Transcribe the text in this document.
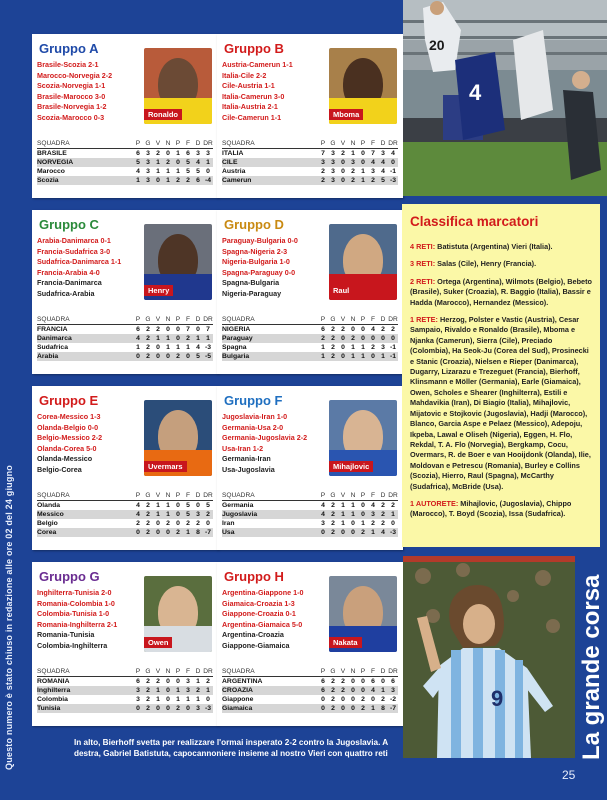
Questo numero è stato chiuso in redazione alle ore 02 del 24 giugno
Gruppo A
Brasile-Scozia 2-1
Marocco-Norvegia 2-2
Scozia-Norvegia 1-1
Brasile-Marocco 3-0
Brasile-Norvegia 1-2
Scozia-Marocco 0-3	Ronaldo
SQUADRA	P	G	V	N	P	F	D	DR
BRASILE	6	3	2	0	1	6	3	3
NORVEGIA	5	3	1	2	0	5	4	1
Marocco	4	3	1	1	1	5	5	0
Scozia	1	3	0	1	2	2	6	-4
Gruppo B
Austria-Camerun 1-1
Italia-Cile 2-2
Cile-Austria 1-1
Italia-Camerun 3-0
Italia-Austria 2-1
Cile-Camerun 1-1	Mboma
SQUADRA	P	G	V	N	P	F	D	DR
ITALIA	7	3	2	1	0	7	3	4
CILE	3	3	0	3	0	4	4	0
Austria	2	3	0	2	1	3	4	-1
Camerun	2	3	0	2	1	2	5	-3
Gruppo C
Arabia-Danimarca 0-1
Francia-Sudafrica 3-0
Sudafrica-Danimarca 1-1
Francia-Arabia 4-0
Francia-Danimarca
Sudafrica-Arabia	Henry
SQUADRA	P	G	V	N	P	F	D	DR
FRANCIA	6	2	2	0	0	7	0	7
Danimarca	4	2	1	1	0	2	1	1
Sudafrica	1	2	0	1	1	1	4	-3
Arabia	0	2	0	0	2	0	5	-5
Gruppo D
Paraguay-Bulgaria 0-0
Spagna-Nigeria 2-3
Nigeria-Bulgaria 1-0
Spagna-Paraguay 0-0
Spagna-Bulgaria
Nigeria-Paraguay	Raul
SQUADRA	P	G	V	N	P	F	D	DR
NIGERIA	6	2	2	0	0	4	2	2
Paraguay	2	2	0	2	0	0	0	0
Spagna	1	2	0	1	1	2	3	-1
Bulgaria	1	2	0	1	1	0	1	-1
Gruppo E
Corea-Messico 1-3
Olanda-Belgio 0-0
Belgio-Messico 2-2
Olanda-Corea 5-0
Olanda-Messico
Belgio-Corea	Uvermars
SQUADRA	P	G	V	N	P	F	D	DR
Olanda	4	2	1	1	0	5	0	5
Messico	4	2	1	1	0	5	3	2
Belgio	2	2	0	2	0	2	2	0
Corea	0	2	0	0	2	1	8	-7
Gruppo F
Jugoslavia-Iran 1-0
Germania-Usa 2-0
Germania-Jugoslavia 2-2
Usa-Iran 1-2
Germania-Iran
Usa-Jugoslavia	Mihajlovic
SQUADRA	P	G	V	N	P	F	D	DR
Germania	4	2	1	1	0	4	2	2
Jugoslavia	4	2	1	1	0	3	2	1
Iran	3	2	1	0	1	2	2	0
Usa	0	2	0	0	2	1	4	-3
Gruppo G
Inghilterra-Tunisia 2-0
Romania-Colombia 1-0
Colombia-Tunisia 1-0
Romania-Inghilterra 2-1
Romania-Tunisia
Colombia-Inghilterra	Owen
SQUADRA	P	G	V	N	P	F	D	DR
ROMANIA	6	2	2	0	0	3	1	2
Inghilterra	3	2	1	0	1	3	2	1
Colombia	3	2	1	0	1	1	1	0
Tunisia	0	2	0	0	2	0	3	-3
Gruppo H
Argentina-Giappone 1-0
Giamaica-Croazia 1-3
Giappone-Croazia 0-1
Argentina-Giamaica 5-0
Argentina-Croazia
Giappone-Giamaica	Nakata
SQUADRA	P	G	V	N	P	F	D	DR
ARGENTINA	6	2	2	0	0	6	0	6
CROAZIA	6	2	2	0	0	4	1	3
Giappone	0	2	0	0	2	0	2	-2
Giamaica	0	2	0	0	2	1	8	-7
20
4
Classifica marcatori

4 RETI: Batistuta (Argentina) Vieri (Italia).

3 RETI: Salas (Cile), Henry (Francia).

2 RETI: Ortega (Argentina), Wilmots (Belgio), Bebeto (Brasile), Suker (Croazia), R. Baggio (Italia), Bassir e Hadda (Marocco), Hernandez (Messico).

1 RETE: Herzog, Polster e Vastic (Austria), Cesar Sampaio, Rivaldo e Ronaldo (Brasile), Mboma e Njanka (Camerun), Sierra (Cile), Preciado (Colombia), Ha Seok-Ju (Corea del Sud), Prosinecki e Stanic (Croazia), Nielsen e Rieper (Danimarca), Dugarry, Lizarazu e Trezeguet (Francia), Bierhoff, Klinsmann e Möller (Germania), Earle (Giamaica), Owen, Scholes e Shearer (Inghilterra), Estili e Mahdavikia (Iran), Di Biagio (Italia), Mihajlovic, Mijatovic e Stojkovic (Jugoslavia), Hadji (Marocco), Blanco, Garcia Aspe e Pelaez (Messico), Adepoju, Ikpeba, Lawal e Oliseh (Nigeria), Eggen, H. Flo, Rekdal, T. A. Flo (Norvegia), Bergkamp, Cocu, Overmars, R. de Boer e van Hooijdonk (Olanda), Ilie, Moldovan e Petrescu (Romania), Burley e Collins (Scozia), Hierro, Raul (Spagna), McCarthy (Sudafrica), McBride (Usa).

1 AUTORETE: Mihajlovic, (Jugoslavia), Chippo (Marocco), T. Boyd (Scozia), Issa (Sudafrica).

9	La grande corsa
In alto, Bierhoff svetta per realizzare l'ormai insperato 2-2 contro la Jugoslavia. A destra, Gabriel Batistuta, capocannoniere insieme al nostro Vieri con quattro reti
25
